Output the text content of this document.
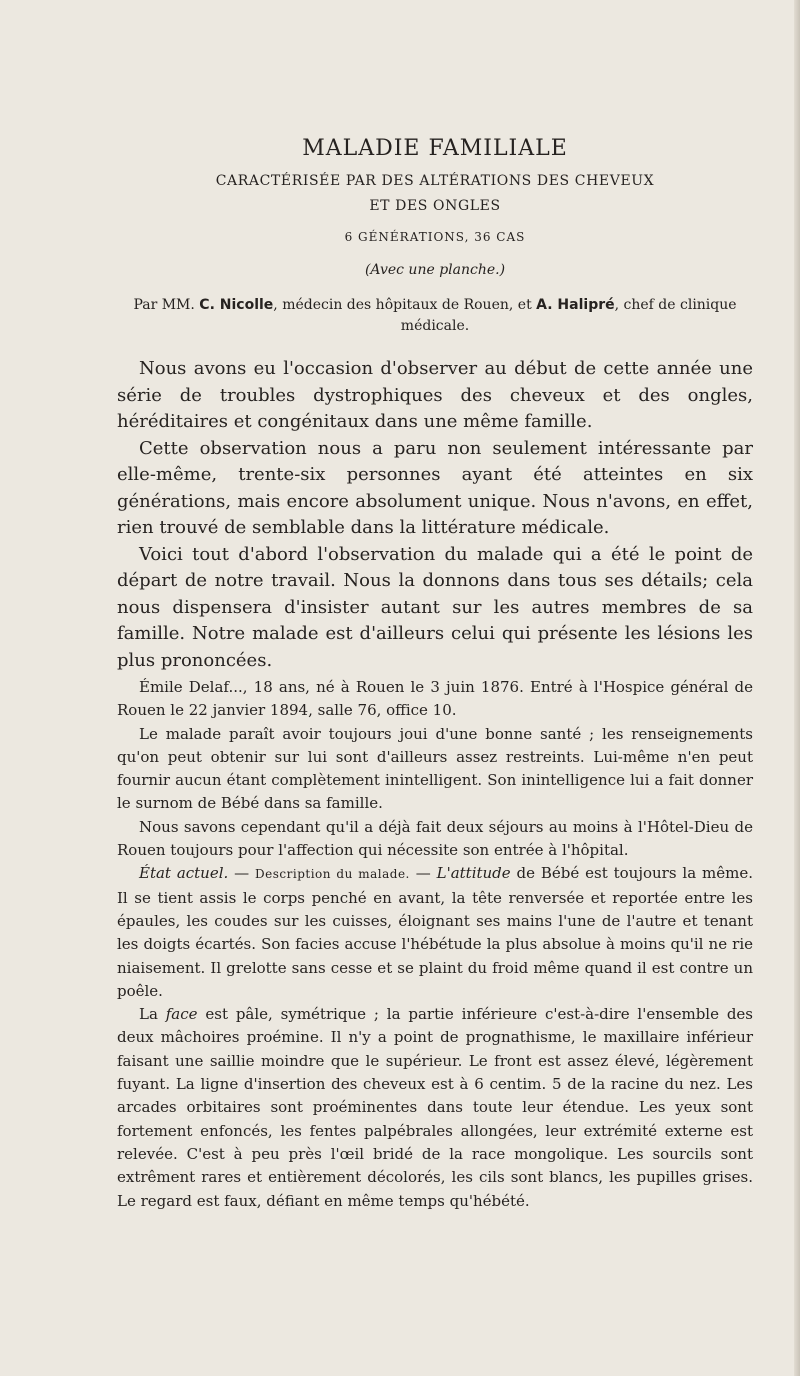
MALADIE FAMILIALE
CARACTÉRISÉE PAR DES ALTÉRATIONS DES CHEVEUX
ET DES ONGLES
6 GÉNÉRATIONS, 36 CAS
(Avec une planche.)
Par MM. C. Nicolle, médecin des hôpitaux de Rouen, et A. Halipré, chef de clinique médicale.

Nous avons eu l'occasion d'observer au début de cette année une série de troubles dystrophiques des cheveux et des ongles, héréditaires et congénitaux dans une même famille.

Cette observation nous a paru non seulement intéressante par elle-même, trente-six personnes ayant été atteintes en six générations, mais encore absolument unique. Nous n'avons, en effet, rien trouvé de semblable dans la littérature médicale.

Voici tout d'abord l'observation du malade qui a été le point de départ de notre travail. Nous la donnons dans tous ses détails; cela nous dispensera d'insister autant sur les autres membres de sa famille. Notre malade est d'ailleurs celui qui présente les lésions les plus prononcées.

Émile Delaf..., 18 ans, né à Rouen le 3 juin 1876. Entré à l'Hospice général de Rouen le 22 janvier 1894, salle 76, office 10.

Le malade paraît avoir toujours joui d'une bonne santé ; les renseignements qu'on peut obtenir sur lui sont d'ailleurs assez restreints. Lui-même n'en peut fournir aucun étant complètement inintelligent. Son inintelligence lui a fait donner le surnom de Bébé dans sa famille.

Nous savons cependant qu'il a déjà fait deux séjours au moins à l'Hôtel-Dieu de Rouen toujours pour l'affection qui nécessite son entrée à l'hôpital.

État actuel. — Description du malade. — L'attitude de Bébé est toujours la même. Il se tient assis le corps penché en avant, la tête renversée et reportée entre les épaules, les coudes sur les cuisses, éloignant ses mains l'une de l'autre et tenant les doigts écartés. Son facies accuse l'hébétude la plus absolue à moins qu'il ne rie niaisement. Il grelotte sans cesse et se plaint du froid même quand il est contre un poêle.

La face est pâle, symétrique ; la partie inférieure c'est-à-dire l'ensemble des deux mâchoires proémine. Il n'y a point de prognathisme, le maxillaire inférieur faisant une saillie moindre que le supérieur. Le front est assez élevé, légèrement fuyant. La ligne d'insertion des cheveux est à 6 centim. 5 de la racine du nez. Les arcades orbitaires sont proéminentes dans toute leur étendue. Les yeux sont fortement enfoncés, les fentes palpébrales allongées, leur extrémité externe est relevée. C'est à peu près l'œil bridé de la race mongolique. Les sourcils sont extrêment rares et entièrement décolorés, les cils sont blancs, les pupilles grises. Le regard est faux, défiant en même temps qu'hébété.
